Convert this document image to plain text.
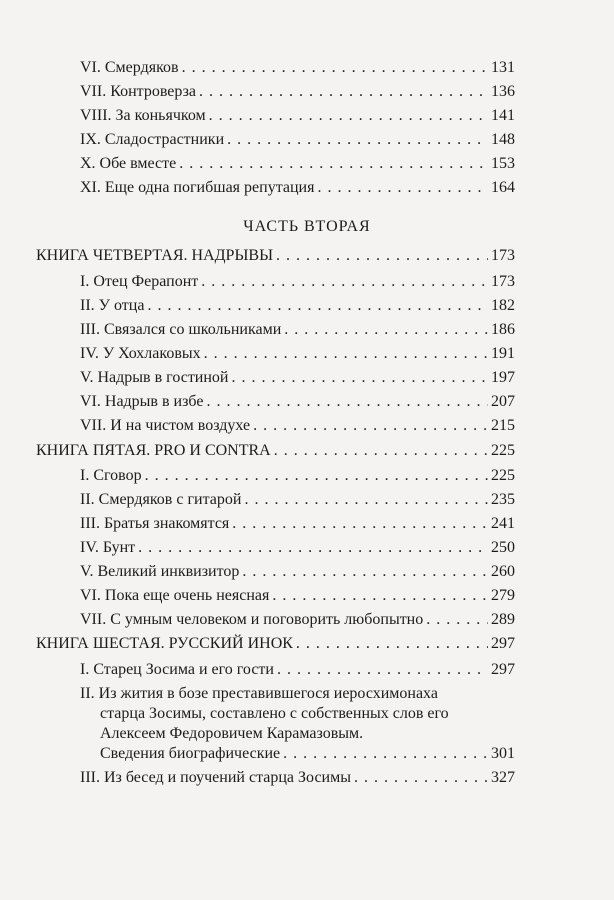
VI. Смердяков . . .	131
VII. Контроверза . . .	136
VIII. За коньячком . . .	141
IX. Сладострастники . . .	148
X. Обе вместе . . .	153
XI. Еще одна погибшая репутация . . .	164
ЧАСТЬ ВТОРАЯ
КНИГА ЧЕТВЕРТАЯ. НАДРЫВЫ . . .	173
I. Отец Ферапонт . . .	173
II. У отца . . .	182
III. Связался со школьниками . . .	186
IV. У Хохлаковых . . .	191
V. Надрыв в гостиной . . .	197
VI. Надрыв в избе . . .	207
VII. И на чистом воздухе . . .	215
КНИГА ПЯТАЯ. PRO И CONTRA . . .	225
I. Сговор . . .	225
II. Смердяков с гитарой . . .	235
III. Братья знакомятся . . .	241
IV. Бунт . . .	250
V. Великий инквизитор . . .	260
VI. Пока еще очень неясная . . .	279
VII. С умным человеком и поговорить любопытно . . .	289
КНИГА ШЕСТАЯ. РУССКИЙ ИНОК . . .	297
I. Старец Зосима и его гости . . .	297
II. Из жития в бозе преставившегося иеросхимонаха
старца Зосимы, составлено с собственных слов его
Алексеем Федоровичем Карамазовым.
Сведения биографические . . .	301
III. Из бесед и поучений старца Зосимы . . .	327
